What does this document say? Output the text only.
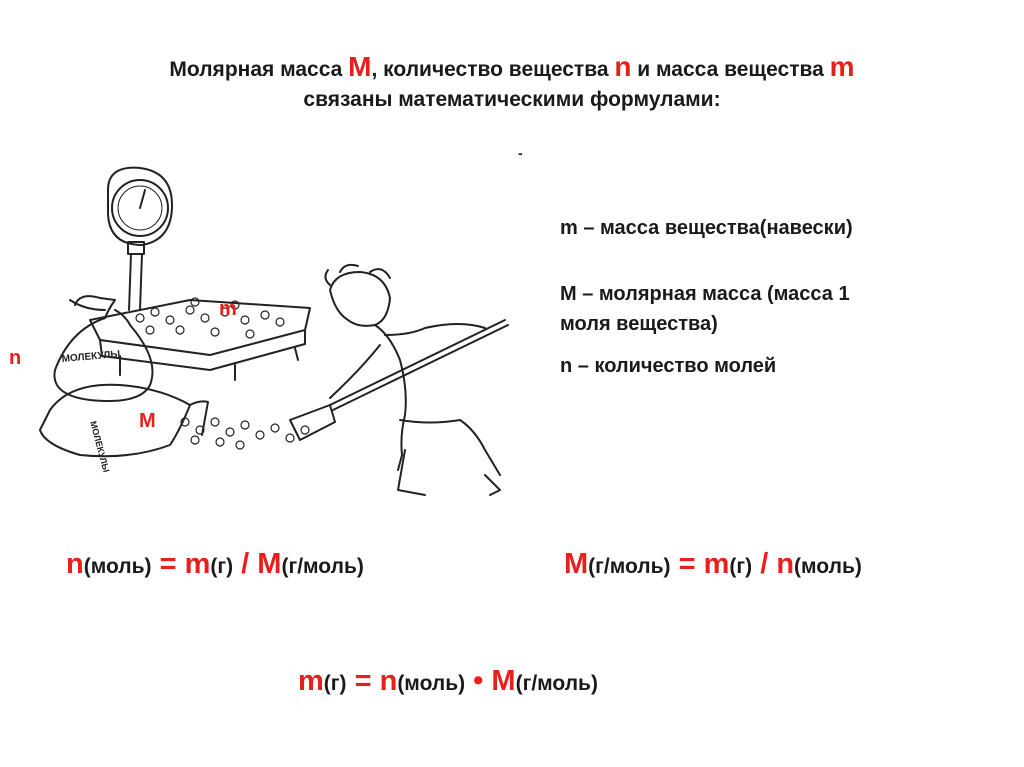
Молярная масса M, количество вещества n и масса вещества m
связаны математическими формулами:
-
m – масса вещества(навески)
M – молярная масса (масса 1
моля вещества)
n – количество молей
МОЛЕКУЛЫ
МОЛЕКУЛЫ
m
M
n
n(моль) = m(г) / M(г/моль)	M(г/моль) = m(г) / n(моль)
m(г) = n(моль) • M(г/моль)
